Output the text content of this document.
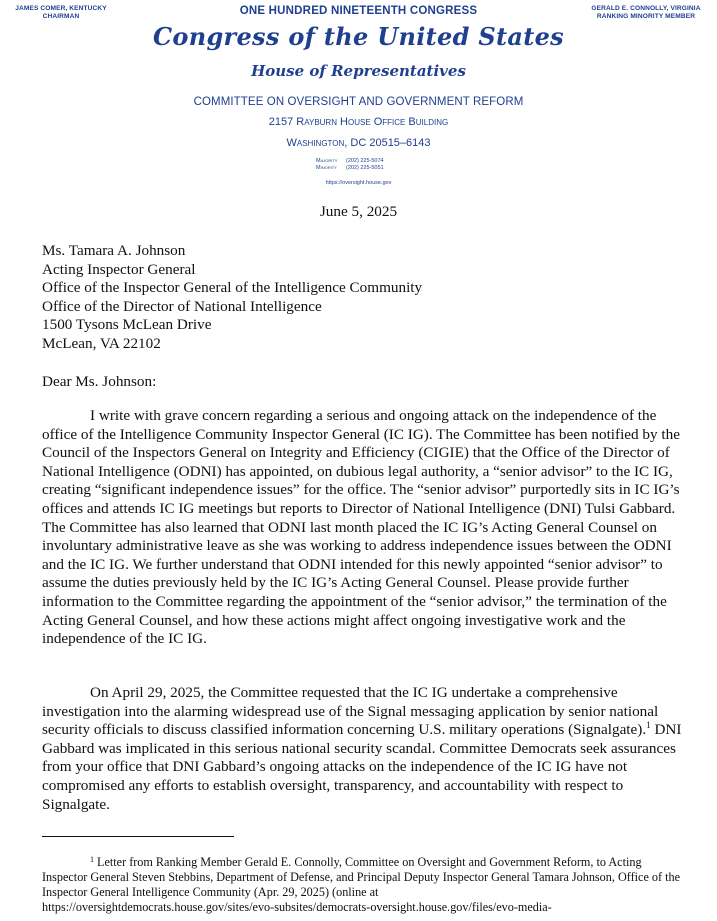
JAMES COMER, KENTUCKY
CHAIRMAN
GERALD E. CONNOLLY, VIRGINIA
RANKING MINORITY MEMBER
ONE HUNDRED NINETEENTH CONGRESS
Congress of the United States
House of Representatives
COMMITTEE ON OVERSIGHT AND GOVERNMENT REFORM
2157 Rayburn House Office Building
Washington, DC 20515–6143
Majority (202) 225-5074
Minority (202) 225-5051
https://oversight.house.gov
June 5, 2025
Ms. Tamara A. Johnson
Acting Inspector General
Office of the Inspector General of the Intelligence Community
Office of the Director of National Intelligence
1500 Tysons McLean Drive
McLean, VA 22102
Dear Ms. Johnson:
I write with grave concern regarding a serious and ongoing attack on the independence of the office of the Intelligence Community Inspector General (IC IG). The Committee has been notified by the Council of the Inspectors General on Integrity and Efficiency (CIGIE) that the Office of the Director of National Intelligence (ODNI) has appointed, on dubious legal authority, a “senior advisor” to the IC IG, creating “significant independence issues” for the office. The “senior advisor” purportedly sits in IC IG’s offices and attends IC IG meetings but reports to Director of National Intelligence (DNI) Tulsi Gabbard. The Committee has also learned that ODNI last month placed the IC IG’s Acting General Counsel on involuntary administrative leave as she was working to address independence issues between the ODNI and the IC IG. We further understand that ODNI intended for this newly appointed “senior advisor” to assume the duties previously held by the IC IG’s Acting General Counsel. Please provide further information to the Committee regarding the appointment of the “senior advisor,” the termination of the Acting General Counsel, and how these actions might affect ongoing investigative work and the independence of the IC IG.
On April 29, 2025, the Committee requested that the IC IG undertake a comprehensive investigation into the alarming widespread use of the Signal messaging application by senior national security officials to discuss classified information concerning U.S. military operations (Signalgate).$^1$ DNI Gabbard was implicated in this serious national security scandal. Committee Democrats seek assurances from your office that DNI Gabbard’s ongoing attacks on the independence of the IC IG have not compromised any efforts to establish oversight, transparency, and accountability with respect to Signalgate.
$^1$ Letter from Ranking Member Gerald E. Connolly, Committee on Oversight and Government Reform, to Acting Inspector General Steven Stebbins, Department of Defense, and Principal Deputy Inspector General Tamara Johnson, Office of the Inspector General Intelligence Community (Apr. 29, 2025) (online at
https://oversightdemocrats.house.gov/sites/evo-subsites/democrats-oversight.house.gov/files/evo-media-
